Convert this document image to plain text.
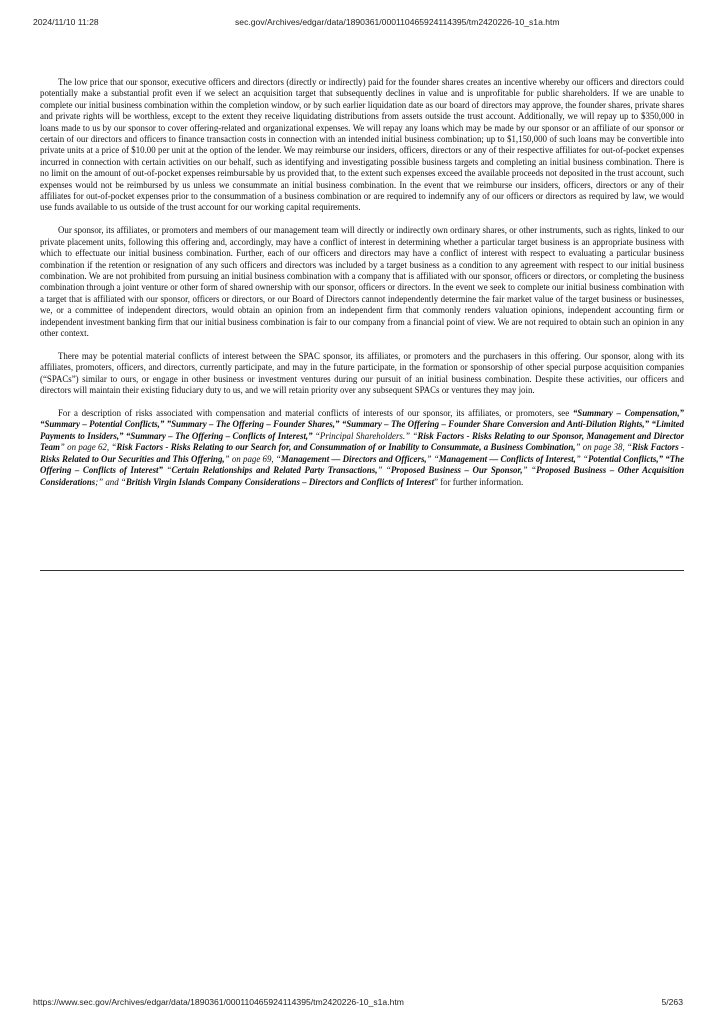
2024/11/10 11:28	sec.gov/Archives/edgar/data/1890361/000110465924114395/tm2420226-10_s1a.htm

The low price that our sponsor, executive officers and directors (directly or indirectly) paid for the founder shares creates an incentive whereby our officers and directors could potentially make a substantial profit even if we select an acquisition target that subsequently declines in value and is unprofitable for public shareholders. If we are unable to complete our initial business combination within the completion window, or by such earlier liquidation date as our board of directors may approve, the founder shares, private shares and private rights will be worthless, except to the extent they receive liquidating distributions from assets outside the trust account. Additionally, we will repay up to $350,000 in loans made to us by our sponsor to cover offering-related and organizational expenses. We will repay any loans which may be made by our sponsor or an affiliate of our sponsor or certain of our directors and officers to finance transaction costs in connection with an intended initial business combination; up to $1,150,000 of such loans may be convertible into private units at a price of $10.00 per unit at the option of the lender. We may reimburse our insiders, officers, directors or any of their respective affiliates for out-of-pocket expenses incurred in connection with certain activities on our behalf, such as identifying and investigating possible business targets and completing an initial business combination. There is no limit on the amount of out-of-pocket expenses reimbursable by us provided that, to the extent such expenses exceed the available proceeds not deposited in the trust account, such expenses would not be reimbursed by us unless we consummate an initial business combination. In the event that we reimburse our insiders, officers, directors or any of their affiliates for out-of-pocket expenses prior to the consummation of a business combination or are required to indemnify any of our officers or directors as required by law, we would use funds available to us outside of the trust account for our working capital requirements.

Our sponsor, its affiliates, or promoters and members of our management team will directly or indirectly own ordinary shares, or other instruments, such as rights, linked to our private placement units, following this offering and, accordingly, may have a conflict of interest in determining whether a particular target business is an appropriate business with which to effectuate our initial business combination. Further, each of our officers and directors may have a conflict of interest with respect to evaluating a particular business combination if the retention or resignation of any such officers and directors was included by a target business as a condition to any agreement with respect to our initial business combination. We are not prohibited from pursuing an initial business combination with a company that is affiliated with our sponsor, officers or directors, or completing the business combination through a joint venture or other form of shared ownership with our sponsor, officers or directors. In the event we seek to complete our initial business combination with a target that is affiliated with our sponsor, officers or directors, or our Board of Directors cannot independently determine the fair market value of the target business or businesses, we, or a committee of independent directors, would obtain an opinion from an independent firm that commonly renders valuation opinions, independent accounting firm or independent investment banking firm that our initial business combination is fair to our company from a financial point of view. We are not required to obtain such an opinion in any other context.

There may be potential material conflicts of interest between the SPAC sponsor, its affiliates, or promoters and the purchasers in this offering. Our sponsor, along with its affiliates, promoters, officers, and directors, currently participate, and may in the future participate, in the formation or sponsorship of other special purpose acquisition companies (“SPACs”) similar to ours, or engage in other business or investment ventures during our pursuit of an initial business combination. Despite these activities, our officers and directors will maintain their existing fiduciary duty to us, and we will retain priority over any subsequent SPACs or ventures they may join.

For a description of risks associated with compensation and material conflicts of interests of our sponsor, its affiliates, or promoters, see “Summary – Compensation,” “Summary – Potential Conflicts,” ”Summary – The Offering – Founder Shares,” “Summary – The Offering – Founder Share Conversion and Anti-Dilution Rights,” “Limited Payments to Insiders,” “Summary – The Offering – Conflicts of Interest,” “Principal Shareholders.” “Risk Factors - Risks Relating to our Sponsor, Management and Director Team” on page 62, “Risk Factors - Risks Relating to our Search for, and Consummation of or Inability to Consummate, a Business Combination,” on page 38, “Risk Factors - Risks Related to Our Securities and This Offering,” on page 69, “Management — Directors and Officers,” “Management — Conflicts of Interest,” “Potential Conflicts,” “The Offering – Conflicts of Interest” “Certain Relationships and Related Party Transactions,” “Proposed Business – Our Sponsor,” “Proposed Business – Other Acquisition Considerations;” and “British Virgin Islands Company Considerations – Directors and Conflicts of Interest” for further information.

https://www.sec.gov/Archives/edgar/data/1890361/000110465924114395/tm2420226-10_s1a.htm	5/263
